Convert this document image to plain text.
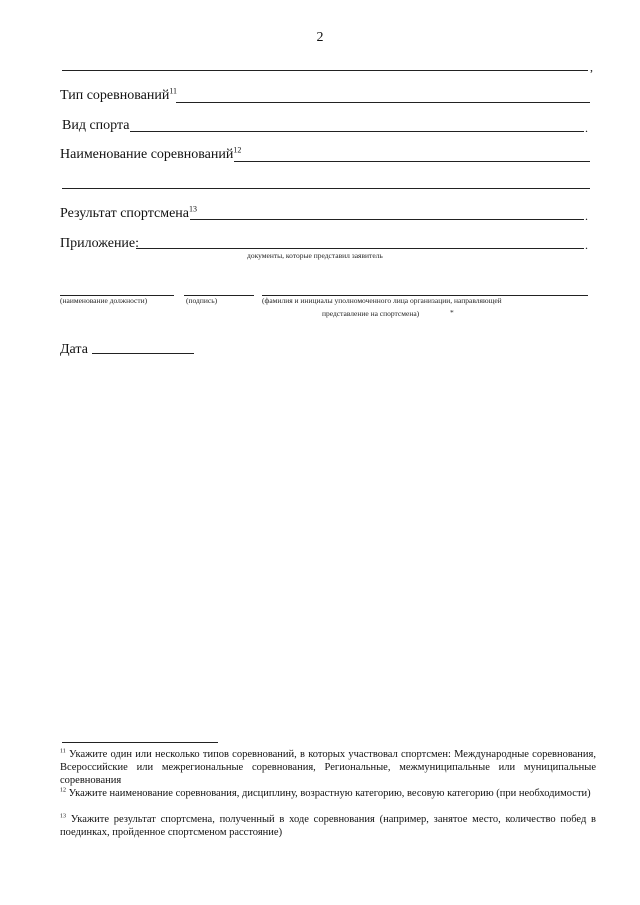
2
,
Тип соревнований$^{11}$
Вид спорта	.
Наименование соревнований$^{12}$
Результат спортсмена$^{13}$
.
Приложение:	.
документы, которые представил заявитель
(наименование должности)	(подпись)	(фамилия и инициалы уполномоченного лица организации, направляющей
представление на спортсмена)	*
Дата
$^{11}$ Укажите один или несколько типов соревнований, в которых участвовал спортсмен: Международные соревнования, Всероссийские или межрегиональные соревнования, Региональные, межмуниципальные или муниципальные соревнования
$^{12}$ Укажите наименование соревнования, дисциплину, возрастную категорию, весовую категорию (при необходимости)
$^{13}$ Укажите результат спортсмена, полученный в ходе соревнования (например, занятое место, количество побед в поединках, пройденное спортсменом расстояние)
